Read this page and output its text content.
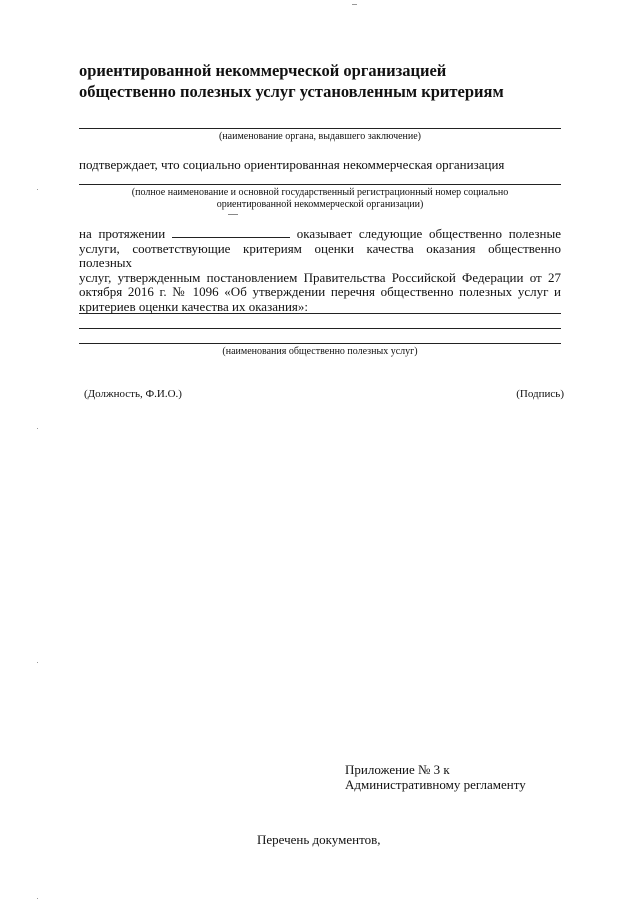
ориентированной некоммерческой организацией
общественно полезных услуг установленным критериям
(наименование органа, выдавшего заключение)
подтверждает, что социально ориентированная некоммерческая организация
(полное наименование и основной государственный регистрационный номер социально
ориентированной некоммерческой организации)
на протяжении	оказывает следующие общественно полезные
услуги, соответствующие критериям оценки качества оказания общественно полезных
услуг, утвержденным постановлением Правительства Российской Федерации от 27
октября 2016 г. № 1096 «Об утверждении перечня общественно полезных услуг и
критериев оценки качества их оказания»:
(наименования общественно полезных услуг)
(Должность, Ф.И.О.)	(Подпись)
Приложение № 3 к
Административному регламенту
Перечень документов,
